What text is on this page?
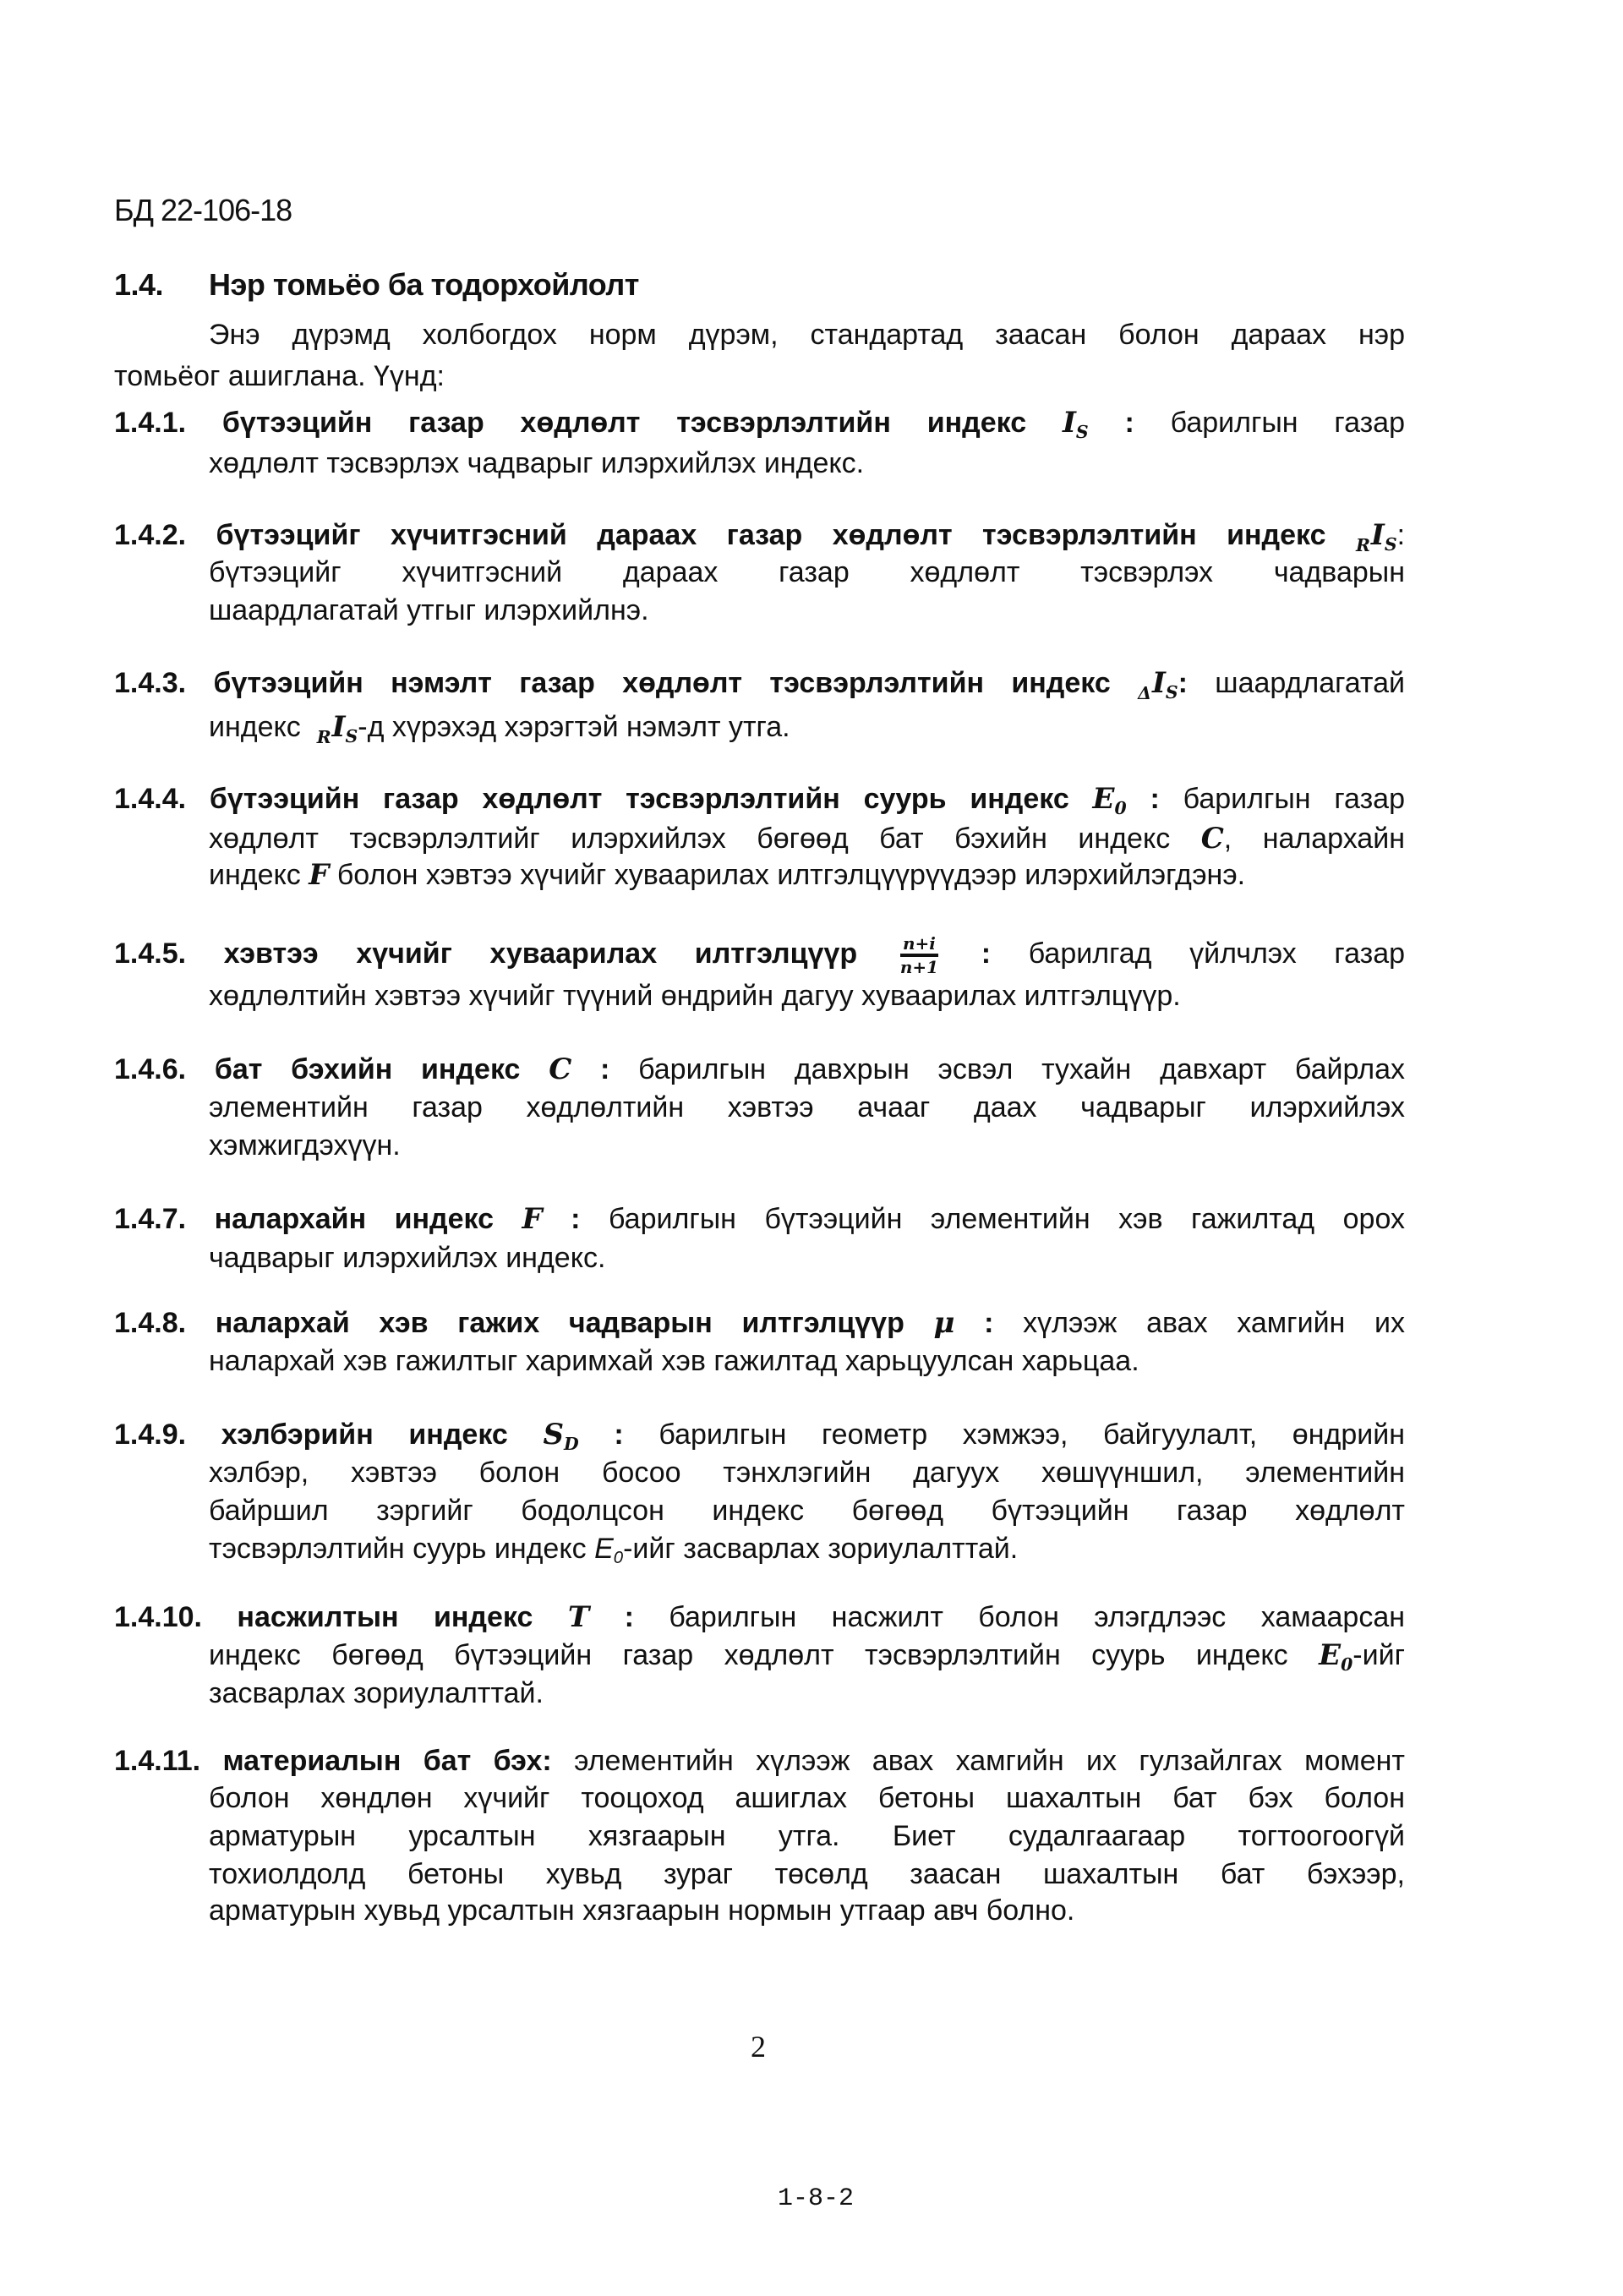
БД 22-106-18
1.4. Нэр томьёо ба тодорхойлолт
Энэ дүрэмд холбогдох норм дүрэм, стандартад заасан болон дараах нэр
томьёог ашиглана. Үүнд:
1.4.1. бүтээцийн газар хөдлөлт тэсвэрлэлтийн индекс $I_S$ : барилгын газар
хөдлөлт тэсвэрлэх чадварыг илэрхийлэх индекс.
1.4.2. бүтээцийг хүчитгэсний дараах газар хөдлөлт тэсвэрлэлтийн индекс $_RI_S$:
бүтээцийг хүчитгэсний дараах газар хөдлөлт тэсвэрлэх чадварын
шаардлагатай утгыг илэрхийлнэ.
1.4.3. бүтээцийн нэмэлт газар хөдлөлт тэсвэрлэлтийн индекс $_\Delta I_S$: шаардлагатай
индекс $_RI_S-д$ хүрэхэд хэрэгтэй нэмэлт утга.
1.4.4. бүтээцийн газар хөдлөлт тэсвэрлэлтийн суурь индекс $E_0$ : барилгын газар
хөдлөлт тэсвэрлэлтийг илэрхийлэх бөгөөд бат бэхийн индекс C, налархайн
индекс F болон хэвтээ хүчийг хуваарилах илтгэлцүүрүүдээр илэрхийлэгдэнэ.
1.4.5. хэвтээ хүчийг хуваарилах илтгэлцүүр	$\frac{n+i}{n+1}$ : барилгад үйлчлэх газар
хөдлөлтийн хэвтээ хүчийг түүний өндрийн дагуу хуваарилах илтгэлцүүр.
1.4.6. бат бэхийн индекс C : барилгын давхрын эсвэл тухайн давхарт байрлах
элементийн газар хөдлөлтийн хэвтээ ачааг даах чадварыг илэрхийлэх
хэмжигдэхүүн.
1.4.7. налархайн индекс F : барилгын бүтээцийн элементийн хэв гажилтад орох
чадварыг илэрхийлэх индекс.
1.4.8. налархай хэв гажих чадварын илтгэлцүүр μ : хүлээж авах хамгийн их
налархай хэв гажилтыг харимхай хэв гажилтад харьцуулсан харьцаа.
1.4.9. хэлбэрийн индекс $S_D$ : барилгын геометр хэмжээ, байгуулалт, өндрийн
хэлбэр, хэвтээ болон босоо тэнхлэгийн дагуух хөшүүншил, элементийн
байршил зэргийг бодолцсон индекс бөгөөд бүтээцийн газар хөдлөлт
тэсвэрлэлтийн суурь индекс $E_0$-ийг засварлах зориулалттай.
1.4.10. насжилтын индекс T : барилгын насжилт болон элэгдлээс хамаарсан
индекс бөгөөд бүтээцийн газар хөдлөлт тэсвэрлэлтийн суурь индекс $E_0$-ийг
засварлах зориулалттай.
1.4.11. материалын бат бэх: элементийн хүлээж авах хамгийн их гулзайлгах момент
болон хөндлөн хүчийг тооцоход ашиглах бетоны шахалтын бат бэх болон
арматурын урсалтын хязгаарын утга. Биет судалгаагаар тогтоогоогүй
тохиолдолд бетоны хувьд зураг төсөлд заасан шахалтын бат бэхээр,
арматурын хувьд урсалтын хязгаарын нормын утгаар авч болно.
2
1-8-2
